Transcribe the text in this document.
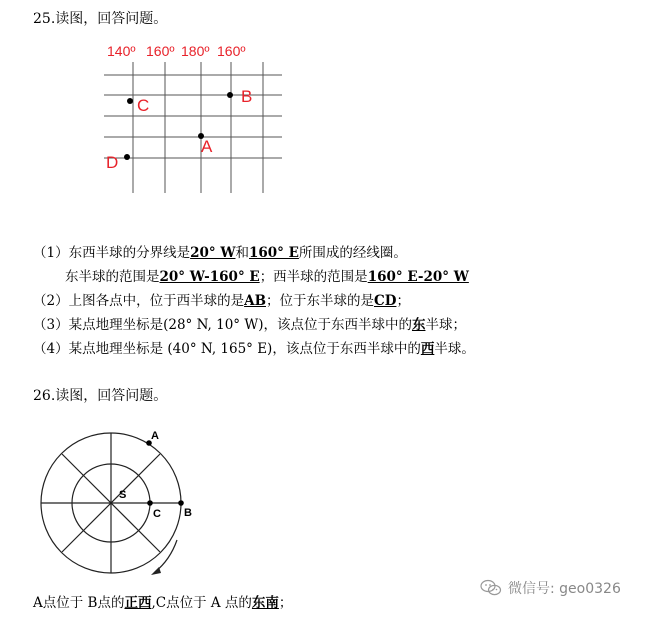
25.读图，回答问题。
140º 160º 180º 160º
C	B
A
D
（1）东西半球的分界线是20° W和160° E所围成的经线圈。
东半球的范围是20° W-160° E；西半球的范围是160° E-20° W
（2）上图各点中，位于西半球的是AB；位于东半球的是CD；
（3）某点地理坐标是(28° N, 10° W)，该点位于东西半球中的东半球；
（4）某点地理坐标是 (40° N, 165° E)，该点位于东西半球中的西半球。
26.读图，回答问题。
A
B
C
S
A点位于 B点的正西,C点位于 A 点的东南；
微信号: geo0326
